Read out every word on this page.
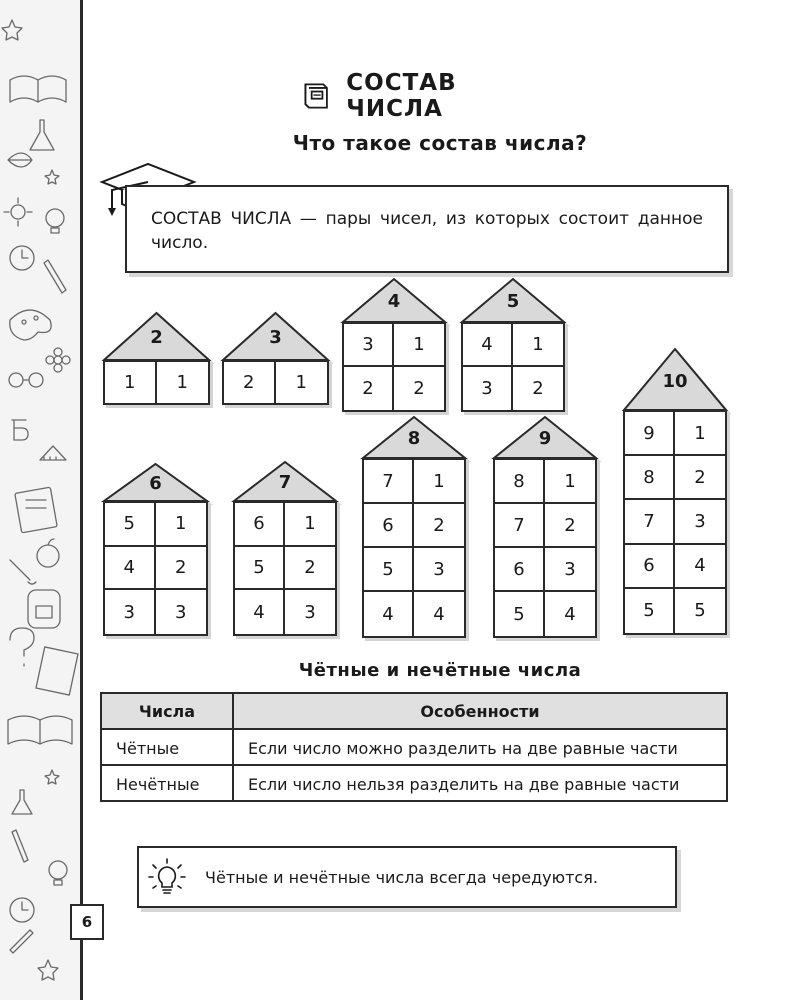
6
СОСТАВ ЧИСЛА
Что такое состав числа?
СОСТАВ ЧИСЛА — пары чисел, из которых состоит данное число.
2
1	1
3
2	1
4
3	1
2	2
5
4	1
3	2
6
5	1
4	2
3	3
7
6	1
5	2
4	3
8
7	1
6	2
5	3
4	4
9
8	1
7	2
6	3
5	4
10
9	1
8	2
7	3
6	4
5	5
Чётные и нечётные числа
Числа	Особенности
Чётные	Если число можно разделить на две равные части
Нечётные	Если число нельзя разделить на две равные части
Чётные и нечётные числа всегда чередуются.
